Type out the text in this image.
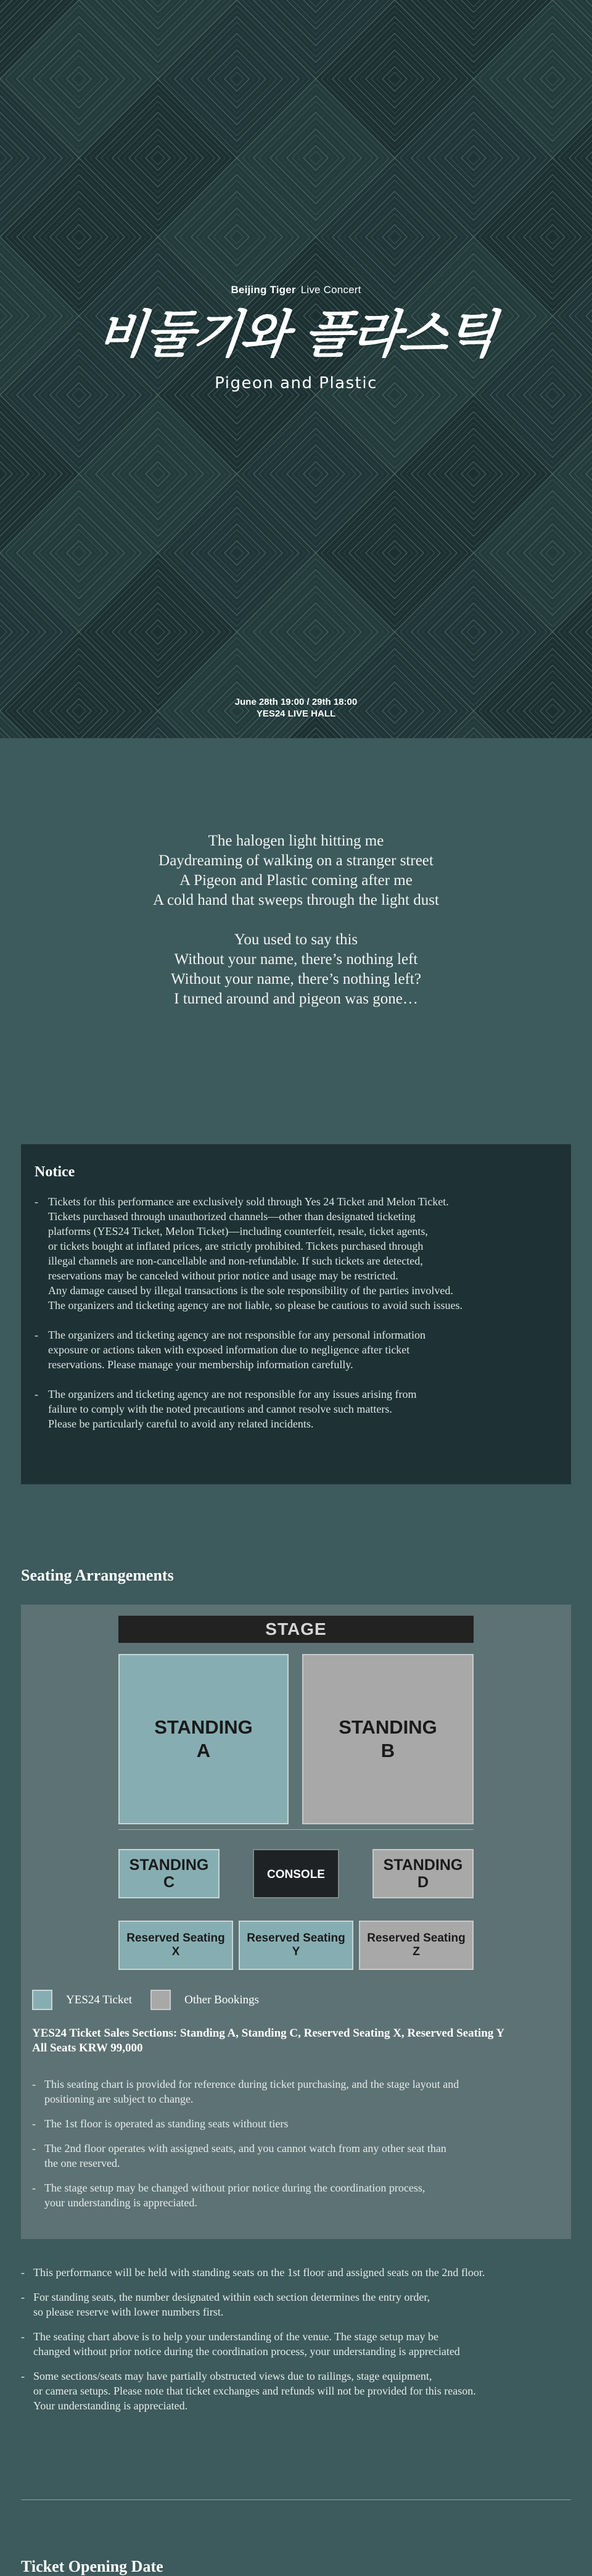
Beijing Tiger Live Concert
비둘기와 플라스틱
Pigeon and Plastic
June 28th 19:00 / 29th 18:00
YES24 LIVE HALL
The halogen light hitting me
Daydreaming of walking on a stranger street
A Pigeon and Plastic coming after me
A cold hand that sweeps through the light dust
You used to say this
Without your name, there’s nothing left
Without your name, there’s nothing left?
I turned around and pigeon was gone…
Notice
- Tickets for this performance are exclusively sold through Yes 24 Ticket and Melon Ticket.
Tickets purchased through unauthorized channels—other than designated ticketing
platforms (YES24 Ticket, Melon Ticket)—including counterfeit, resale, ticket agents,
or tickets bought at inflated prices, are strictly prohibited. Tickets purchased through
illegal channels are non-cancellable and non-refundable. If such tickets are detected,
reservations may be canceled without prior notice and usage may be restricted.
Any damage caused by illegal transactions is the sole responsibility of the parties involved.
The organizers and ticketing agency are not liable, so please be cautious to avoid such issues.
- The organizers and ticketing agency are not responsible for any personal information
exposure or actions taken with exposed information due to negligence after ticket
reservations. Please manage your membership information carefully.
- The organizers and ticketing agency are not responsible for any issues arising from
failure to comply with the noted precautions and cannot resolve such matters.
Please be particularly careful to avoid any related incidents.
Seating Arrangements
STAGE
STANDING
A
STANDING
B
STANDING
C	CONSOLE
STANDING
D
Reserved Seating
X
Reserved Seating
Y
Reserved Seating
Z
YES24 Ticket	Other Bookings
YES24 Ticket Sales Sections: Standing A, Standing C, Reserved Seating X, Reserved Seating Y
All Seats KRW 99,000
- This seating chart is provided for reference during ticket purchasing, and the stage layout and
positioning are subject to change.
- The 1st floor is operated as standing seats without tiers
- The 2nd floor operates with assigned seats, and you cannot watch from any other seat than
the one reserved.
- The stage setup may be changed without prior notice during the coordination process,
your understanding is appreciated.
- This performance will be held with standing seats on the 1st floor and assigned seats on the 2nd floor.
- For standing seats, the number designated within each section determines the entry order,
so please reserve with lower numbers first.
- The seating chart above is to help your understanding of the venue. The stage setup may be
changed without prior notice during the coordination process, your understanding is appreciated
- Some sections/seats may have partially obstructed views due to railings, stage equipment,
or camera setups. Please note that ticket exchanges and refunds will not be provided for this reason.
Your understanding is appreciated.
Ticket Opening Date
